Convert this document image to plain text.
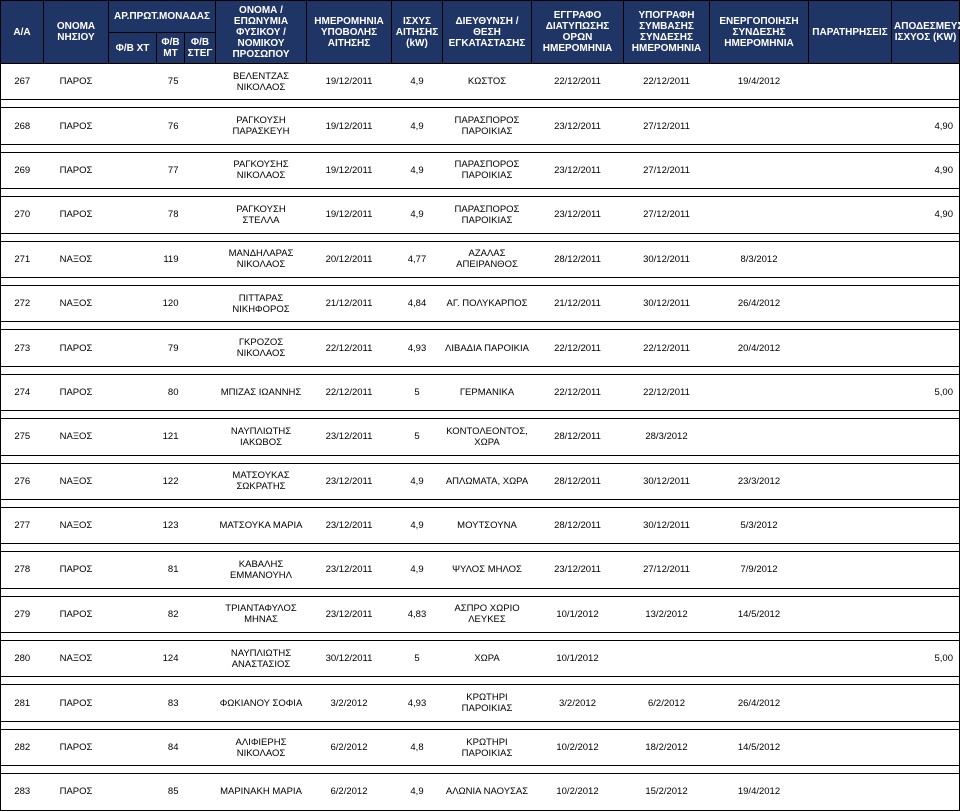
Α/Α	ΟΝΟΜΑ ΝΗΣΙΟΥ	ΑΡ.ΠΡΩΤ.ΜΟΝΑΔΑΣ			ΟΝΟΜΑ / ΕΠΩΝΥΜΙΑ ΦΥΣΙΚΟΥ / ΝΟΜΙΚΟΥ ΠΡΟΣΩΠΟΥ	ΗΜΕΡΟΜΗΝΙΑ ΥΠΟΒΟΛΗΣ ΑΙΤΗΣΗΣ	ΙΣΧΥΣ ΑΙΤΗΣΗΣ (kW)	ΔΙΕΥΘΥΝΣΗ / ΘΕΣΗ ΕΓΚΑΤΑΣΤΑΣΗΣ	ΕΓΓΡΑΦΟ ΔΙΑΤΥΠΩΣΗΣ ΟΡΩΝ ΗΜΕΡΟΜΗΝΙΑ	ΥΠΟΓΡΑΦΗ ΣΥΜΒΑΣΗΣ ΣΥΝΔΕΣΗΣ ΗΜΕΡΟΜΗΝΙΑ	ΕΝΕΡΓΟΠΟΙΗΣΗ ΣΥΝΔΕΣΗΣ ΗΜΕΡΟΜΗΝΙΑ	ΠΑΡΑΤΗΡΗΣΕΙΣ	ΑΠΟΔΕΣΜΕΥΣΗ ΙΣΧΥΟΣ (KW)
		Φ/Β ΧΤ	Φ/Β ΜΤ	Φ/Β ΣΤΕΓ									
267	ΠΑΡΟΣ		75		ΒΕΛΕΝΤΖΑΣ
ΝΙΚΟΛΑΟΣ	19/12/2011	4,9	ΚΩΣΤΟΣ	22/12/2011	22/12/2011	19/4/2012		

268	ΠΑΡΟΣ		76		ΡΑΓΚΟΥΣΗ
ΠΑΡΑΣΚΕΥΗ	19/12/2011	4,9	ΠΑΡΑΣΠΟΡΟΣ
ΠΑΡΟΙΚΙΑΣ	23/12/2011	27/12/2011			4,90

269	ΠΑΡΟΣ		77		ΡΑΓΚΟΥΣΗΣ
ΝΙΚΟΛΑΟΣ	19/12/2011	4,9	ΠΑΡΑΣΠΟΡΟΣ
ΠΑΡΟΙΚΙΑΣ	23/12/2011	27/12/2011			4,90

270	ΠΑΡΟΣ		78		ΡΑΓΚΟΥΣΗ ΣΤΕΛΛΑ	19/12/2011	4,9	ΠΑΡΑΣΠΟΡΟΣ
ΠΑΡΟΙΚΙΑΣ	23/12/2011	27/12/2011			4,90

271	ΝΑΞΟΣ		119		ΜΑΝΔΗΛΑΡΑΣ
ΝΙΚΟΛΑΟΣ	20/12/2011	4,77	ΑΖΑΛΑΣ
ΑΠΕΙΡΑΝΘΟΣ	28/12/2011	30/12/2011	8/3/2012		

272	ΝΑΞΟΣ		120		ΠΙΤΤΑΡΑΣ
ΝΙΚΗΦΟΡΟΣ	21/12/2011	4,84	ΑΓ. ΠΟΛΥΚΑΡΠΟΣ	21/12/2011	30/12/2011	26/4/2012		

273	ΠΑΡΟΣ		79		ΓΚΡΟΖΟΣ ΝΙΚΟΛΑΟΣ	22/12/2011	4,93	ΛΙΒΑΔΙΑ ΠΑΡΟΙΚΙΑ	22/12/2011	22/12/2011	20/4/2012		

274	ΠΑΡΟΣ		80		ΜΠΙΖΑΣ ΙΩΑΝΝΗΣ	22/12/2011	5	ΓΕΡΜΑΝΙΚΑ	22/12/2011	22/12/2011			5,00

275	ΝΑΞΟΣ		121		ΝΑΥΠΛΙΩΤΗΣ
ΙΑΚΩΒΟΣ	23/12/2011	5	ΚΟΝΤΟΛΕΟΝΤΟΣ,
ΧΩΡΑ	28/12/2011	28/3/2012			

276	ΝΑΞΟΣ		122		ΜΑΤΣΟΥΚΑΣ
ΣΩΚΡΑΤΗΣ	23/12/2011	4,9	ΑΠΛΩΜΑΤΑ, ΧΩΡΑ	28/12/2011	30/12/2011	23/3/2012		

277	ΝΑΞΟΣ		123		ΜΑΤΣΟΥΚΑ ΜΑΡΙΑ	23/12/2011	4,9	ΜΟΥΤΣΟΥΝΑ	28/12/2011	30/12/2011	5/3/2012		

278	ΠΑΡΟΣ		81		ΚΑΒΑΛΗΣ
ΕΜΜΑΝΟΥΗΛ	23/12/2011	4,9	ΨΥΛΟΣ ΜΗΛΟΣ	23/12/2011	27/12/2011	7/9/2012		

279	ΠΑΡΟΣ		82		ΤΡΙΑΝΤΑΦΥΛΟΣ
ΜΗΝΑΣ	23/12/2011	4,83	ΑΣΠΡΟ ΧΩΡΙΟ
ΛΕΥΚΕΣ	10/1/2012	13/2/2012	14/5/2012		

280	ΝΑΞΟΣ		124		ΝΑΥΠΛΙΩΤΗΣ
ΑΝΑΣΤΑΣΙΟΣ	30/12/2011	5	ΧΩΡΑ	10/1/2012				5,00

281	ΠΑΡΟΣ		83		ΦΩΚΙΑΝΟΥ ΣΟΦΙΑ	3/2/2012	4,93	ΚΡΩΤΗΡΙ
ΠΑΡΟΙΚΙΑΣ	3/2/2012	6/2/2012	26/4/2012		

282	ΠΑΡΟΣ		84		ΑΛΙΦΙΕΡΗΣ
ΝΙΚΟΛΑΟΣ	6/2/2012	4,8	ΚΡΩΤΗΡΙ
ΠΑΡΟΙΚΙΑΣ	10/2/2012	18/2/2012	14/5/2012		

283	ΠΑΡΟΣ		85		ΜΑΡΙΝΑΚΗ ΜΑΡΙΑ	6/2/2012	4,9	ΑΛΩΝΙΑ ΝΑΟΥΣΑΣ	10/2/2012	15/2/2012	19/4/2012		
